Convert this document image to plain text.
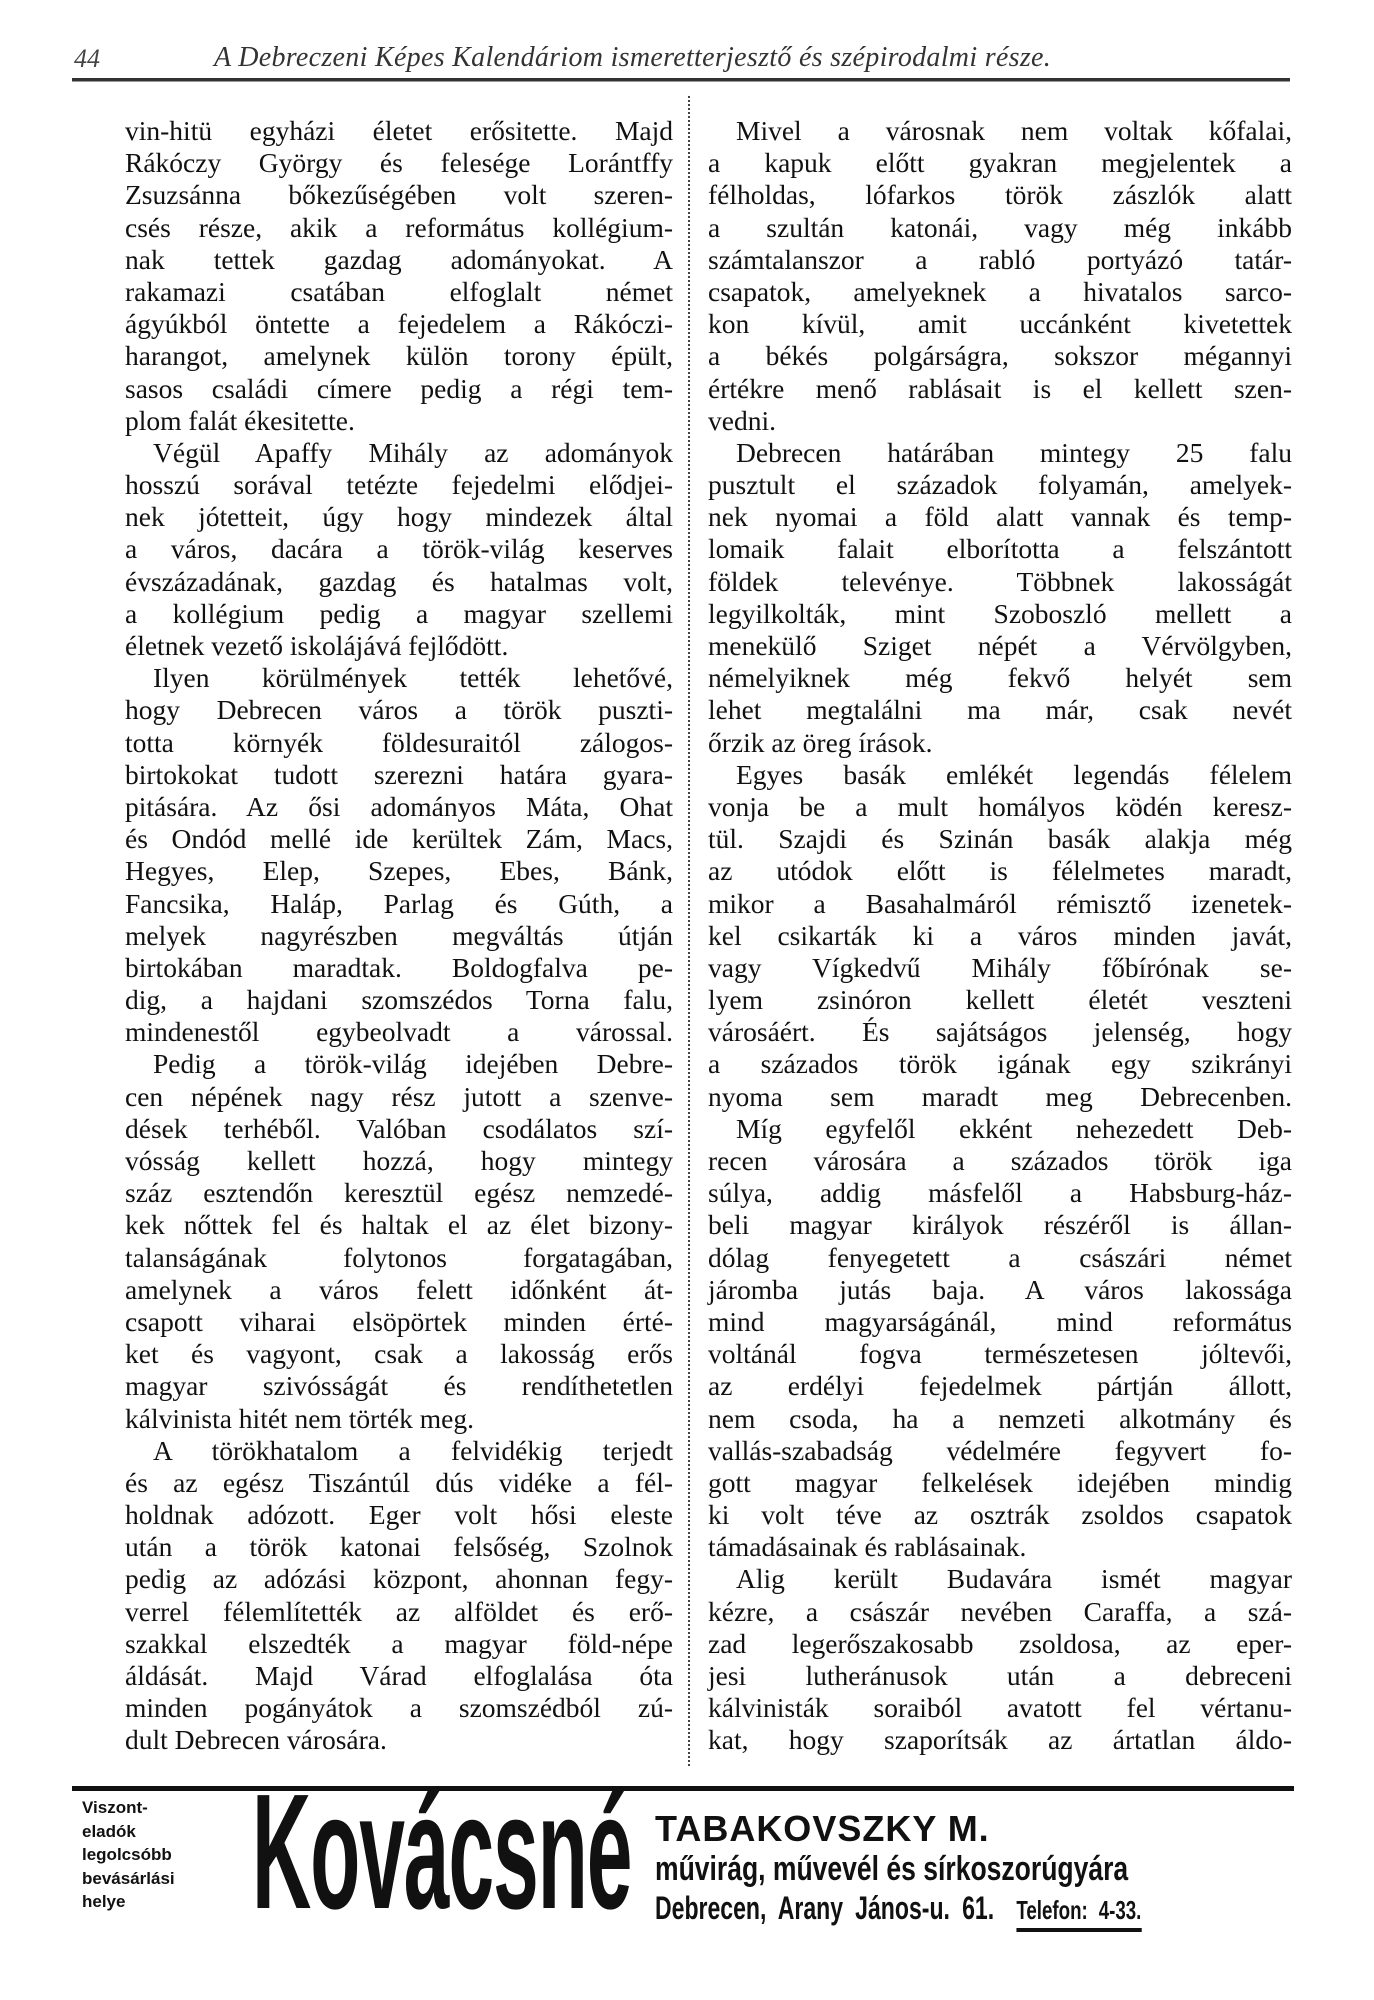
44	A Debreczeni Képes Kalendáriom ismeretterjesztő és szépirodalmi része.
vin-hitü egyházi életet erősitette. Majd
Rákóczy György és felesége Lorántffy
Zsuzsánna bőkezűségében volt szeren-
csés része, akik a református kollégium-
nak tettek gazdag adományokat. A
rakamazi csatában elfoglalt német
ágyúkból öntette a fejedelem a Rákóczi-
harangot, amelynek külön torony épült,
sasos családi címere pedig a régi tem-
plom falát ékesitette.
Végül Apaffy Mihály az adományok
hosszú sorával tetézte fejedelmi elődjei-
nek jótetteit, úgy hogy mindezek által
a város, dacára a török-világ keserves
évszázadának, gazdag és hatalmas volt,
a kollégium pedig a magyar szellemi
életnek vezető iskolájává fejlődött.
Ilyen körülmények tették lehetővé,
hogy Debrecen város a török puszti-
totta környék földesuraitól zálogos-
birtokokat tudott szerezni határa gyara-
pitására. Az ősi adományos Máta, Ohat
és Ondód mellé ide kerültek Zám, Macs,
Hegyes, Elep, Szepes, Ebes, Bánk,
Fancsika, Haláp, Parlag és Gúth, a
melyek nagyrészben megváltás útján
birtokában maradtak. Boldogfalva pe-
dig, a hajdani szomszédos Torna falu,
mindenestől egybeolvadt a várossal.
Pedig a török-világ idejében Debre-
cen népének nagy rész jutott a szenve-
dések terhéből. Valóban csodálatos szí-
vósság kellett hozzá, hogy mintegy
száz esztendőn keresztül egész nemzedé-
kek nőttek fel és haltak el az élet bizony-
talanságának folytonos forgatagában,
amelynek a város felett időnként át-
csapott viharai elsöpörtek minden érté-
ket és vagyont, csak a lakosság erős
magyar szivósságát és rendíthetetlen
kálvinista hitét nem törték meg.
A törökhatalom a felvidékig terjedt
és az egész Tiszántúl dús vidéke a fél-
holdnak adózott. Eger volt hősi eleste
után a török katonai felsőség, Szolnok
pedig az adózási központ, ahonnan fegy-
verrel félemlítették az alföldet és erő-
szakkal elszedték a magyar föld-népe
áldását. Majd Várad elfoglalása óta
minden pogányátok a szomszédból zú-
dult Debrecen városára.
Mivel a városnak nem voltak kőfalai,
a kapuk előtt gyakran megjelentek a
félholdas, lófarkos török zászlók alatt
a szultán katonái, vagy még inkább
számtalanszor a rabló portyázó tatár-
csapatok, amelyeknek a hivatalos sarco-
kon kívül, amit uccánként kivetettek
a békés polgárságra, sokszor mégannyi
értékre menő rablásait is el kellett szen-
vedni.
Debrecen határában mintegy 25 falu
pusztult el századok folyamán, amelyek-
nek nyomai a föld alatt vannak és temp-
lomaik falait elborította a felszántott
földek televénye. Többnek lakosságát
legyilkolták, mint Szoboszló mellett a
menekülő Sziget népét a Vérvölgyben,
némelyiknek még fekvő helyét sem
lehet megtalálni ma már, csak nevét
őrzik az öreg írások.
Egyes basák emlékét legendás félelem
vonja be a mult homályos ködén keresz-
tül. Szajdi és Szinán basák alakja még
az utódok előtt is félelmetes maradt,
mikor a Basahalmáról rémisztő izenetek-
kel csikarták ki a város minden javát,
vagy Vígkedvű Mihály főbírónak se-
lyem zsinóron kellett életét veszteni
városáért. És sajátságos jelenség, hogy
a százados török igának egy szikrányi
nyoma sem maradt meg Debrecenben.
Míg egyfelől ekként nehezedett Deb-
recen városára a százados török iga
súlya, addig másfelől a Habsburg-ház-
beli magyar királyok részéről is állan-
dólag fenyegetett a császári német
járomba jutás baja. A város lakossága
mind magyarságánál, mind református
voltánál fogva természetesen jóltevői,
az erdélyi fejedelmek pártján állott,
nem csoda, ha a nemzeti alkotmány és
vallás-szabadság védelmére fegyvert fo-
gott magyar felkelések idejében mindig
ki volt téve az osztrák zsoldos csapatok
támadásainak és rablásainak.
Alig került Budavára ismét magyar
kézre, a császár nevében Caraffa, a szá-
zad legerőszakosabb zsoldosa, az eper-
jesi lutheránusok után a debreceni
kálvinisták soraiból avatott fel vértanu-
kat, hogy szaporítsák az ártatlan áldo-
Viszont-
eladók
legolcsóbb
bevásárlási
helye Kovácsné TABAKOVSZKY M.
művirág, művevél és sírkoszorúgyára
Debrecen, Arany János-u. 61. Telefon: 4-33.
